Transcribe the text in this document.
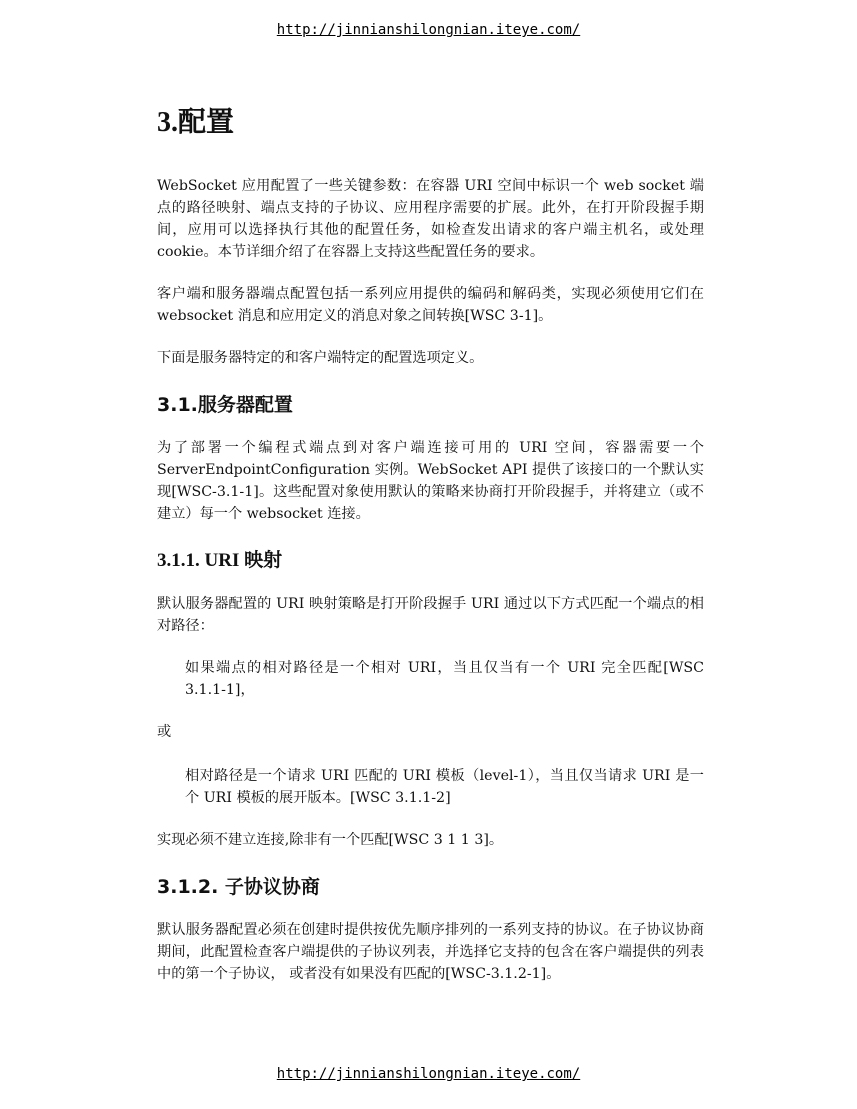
http://jinnianshilongnian.iteye.com/
3.配置

WebSocket 应用配置了一些关键参数：在容器 URI 空间中标识一个 web socket 端点的路径映射、端点支持的子协议、应用程序需要的扩展。此外，在打开阶段握手期间，应用可以选择执行其他的配置任务，如检查发出请求的客户端主机名，或处理 cookie。本节详细介绍了在容器上支持这些配置任务的要求。

客户端和服务器端点配置包括一系列应用提供的编码和解码类，实现必须使用它们在 websocket 消息和应用定义的消息对象之间转换[WSC 3-1]。

下面是服务器特定的和客户端特定的配置选项定义。

3.1.服务器配置

为了部署一个编程式端点到对客户端连接可用的 URI 空间，容器需要一个 ServerEndpointConfiguration 实例。WebSocket API 提供了该接口的一个默认实现[WSC-3.1-1]。这些配置对象使用默认的策略来协商打开阶段握手，并将建立（或不建立）每一个 websocket 连接。

3.1.1. URI 映射

默认服务器配置的 URI 映射策略是打开阶段握手 URI 通过以下方式匹配一个端点的相对路径：

如果端点的相对路径是一个相对 URI，当且仅当有一个 URI 完全匹配[WSC 3.1.1-1]，

或

相对路径是一个请求 URI 匹配的 URI 模板（level-1），当且仅当请求 URI 是一个 URI 模板的展开版本。[WSC 3.1.1-2]

实现必须不建立连接,除非有一个匹配[WSC 3 1 1 3]。

3.1.2. 子协议协商

默认服务器配置必须在创建时提供按优先顺序排列的一系列支持的协议。在子协议协商期间，此配置检查客户端提供的子协议列表，并选择它支持的包含在客户端提供的列表中的第一个子协议， 或者没有如果没有匹配的[WSC-3.1.2-1]。

http://jinnianshilongnian.iteye.com/
